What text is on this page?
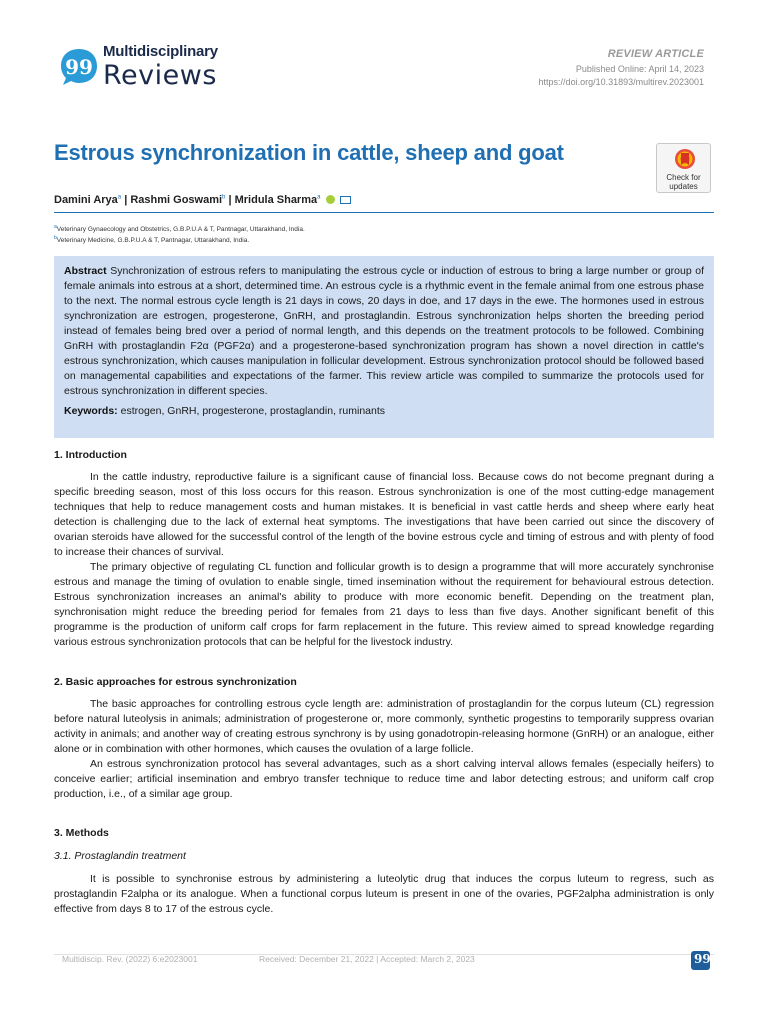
99
Multidisciplinary
Reviews
REVIEW ARTICLE
Published Online: April 14, 2023
https://doi.org/10.31893/multirev.2023001
Estrous synchronization in cattle, sheep and goat
Check for
updates
Damini Arya$^a$ | Rashmi Goswami$^b$ | Mridula Sharma$^a$
$^a$Veterinary Gynaecology and Obstetrics, G.B.P.U.A & T, Pantnagar, Uttarakhand, India.
$^b$Veterinary Medicine, G.B.P.U.A & T, Pantnagar, Uttarakhand, India.

Abstract Synchronization of estrous refers to manipulating the estrous cycle or induction of estrous to bring a large number or group of female animals into estrous at a short, determined time. An estrous cycle is a rhythmic event in the female animal from one estrous phase to the next. The normal estrous cycle length is 21 days in cows, 20 days in doe, and 17 days in the ewe. The hormones used in estrous synchronization are estrogen, progesterone, GnRH, and prostaglandin. Estrous synchronization helps shorten the breeding period instead of females being bred over a period of normal length, and this depends on the treatment protocols to be followed. Combining GnRH with prostaglandin F2α (PGF2α) and a progesterone-based synchronization program has shown a novel direction in cattle's estrous synchronization, which causes manipulation in follicular development. Estrous synchronization protocol should be followed based on managemental capabilities and expectations of the farmer. This review article was compiled to summarize the protocols used for estrous synchronization in different species.

Keywords: estrogen, GnRH, progesterone, prostaglandin, ruminants

1. Introduction
In the cattle industry, reproductive failure is a significant cause of financial loss. Because cows do not become pregnant during a specific breeding season, most of this loss occurs for this reason. Estrous synchronization is one of the most cutting-edge management techniques that help to reduce management costs and human mistakes. It is beneficial in vast cattle herds and sheep where early heat detection is challenging due to the lack of external heat symptoms. The investigations that have been carried out since the discovery of ovarian steroids have allowed for the successful control of the length of the bovine estrous cycle and timing of estrous and with plenty of food to increase their chances of survival.
The primary objective of regulating CL function and follicular growth is to design a programme that will more accurately synchronise estrous and manage the timing of ovulation to enable single, timed insemination without the requirement for behavioural estrous detection. Estrous synchronization increases an animal's ability to produce with more economic benefit. Depending on the treatment plan, synchronisation might reduce the breeding period for females from 21 days to less than five days. Another significant benefit of this programme is the production of uniform calf crops for farm replacement in the future. This review aimed to spread knowledge regarding various estrous synchronization protocols that can be helpful for the livestock industry.
2. Basic approaches for estrous synchronization
The basic approaches for controlling estrous cycle length are: administration of prostaglandin for the corpus luteum (CL) regression before natural luteolysis in animals; administration of progesterone or, more commonly, synthetic progestins to temporarily suppress ovarian activity in animals; and another way of creating estrous synchrony is by using gonadotropin-releasing hormone (GnRH) or an analogue, either alone or in combination with other hormones, which causes the ovulation of a large follicle.
An estrous synchronization protocol has several advantages, such as a short calving interval allows females (especially heifers) to conceive earlier; artificial insemination and embryo transfer technique to reduce time and labor detecting estrous; and uniform calf crop production, i.e., of a similar age group.
3. Methods
3.1. Prostaglandin treatment
It is possible to synchronise estrous by administering a luteolytic drug that induces the corpus luteum to regress, such as prostaglandin F2alpha or its analogue. When a functional corpus luteum is present in one of the ovaries, PGF2alpha administration is only effective from days 8 to 17 of the estrous cycle.
Multidiscip. Rev. (2022) 6:e2023001	Received: December 21, 2022 | Accepted: March 2, 2023	99
